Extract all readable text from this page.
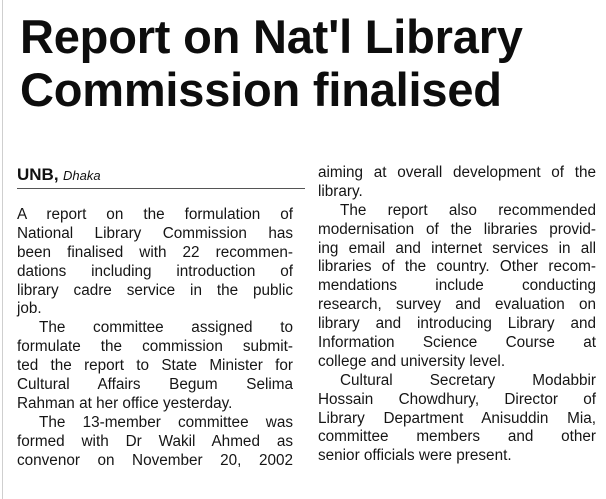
Report on Nat'l Library
Commission finalised
UNB, Dhaka
A report on the formulation of
National Library Commission has
been finalised with 22 recommen-
dations including introduction of
library cadre service in the public
job.
The committee assigned to
formulate the commission submit-
ted the report to State Minister for
Cultural Affairs Begum Selima
Rahman at her office yesterday.
The 13-member committee was
formed with Dr Wakil Ahmed as
convenor on November 20, 2002
aiming at overall development of the
library.
The report also recommended
modernisation of the libraries provid-
ing email and internet services in all
libraries of the country. Other recom-
mendations include conducting
research, survey and evaluation on
library and introducing Library and
Information Science Course at
college and university level.
Cultural Secretary Modabbir
Hossain Chowdhury, Director of
Library Department Anisuddin Mia,
committee members and other
senior officials were present.
